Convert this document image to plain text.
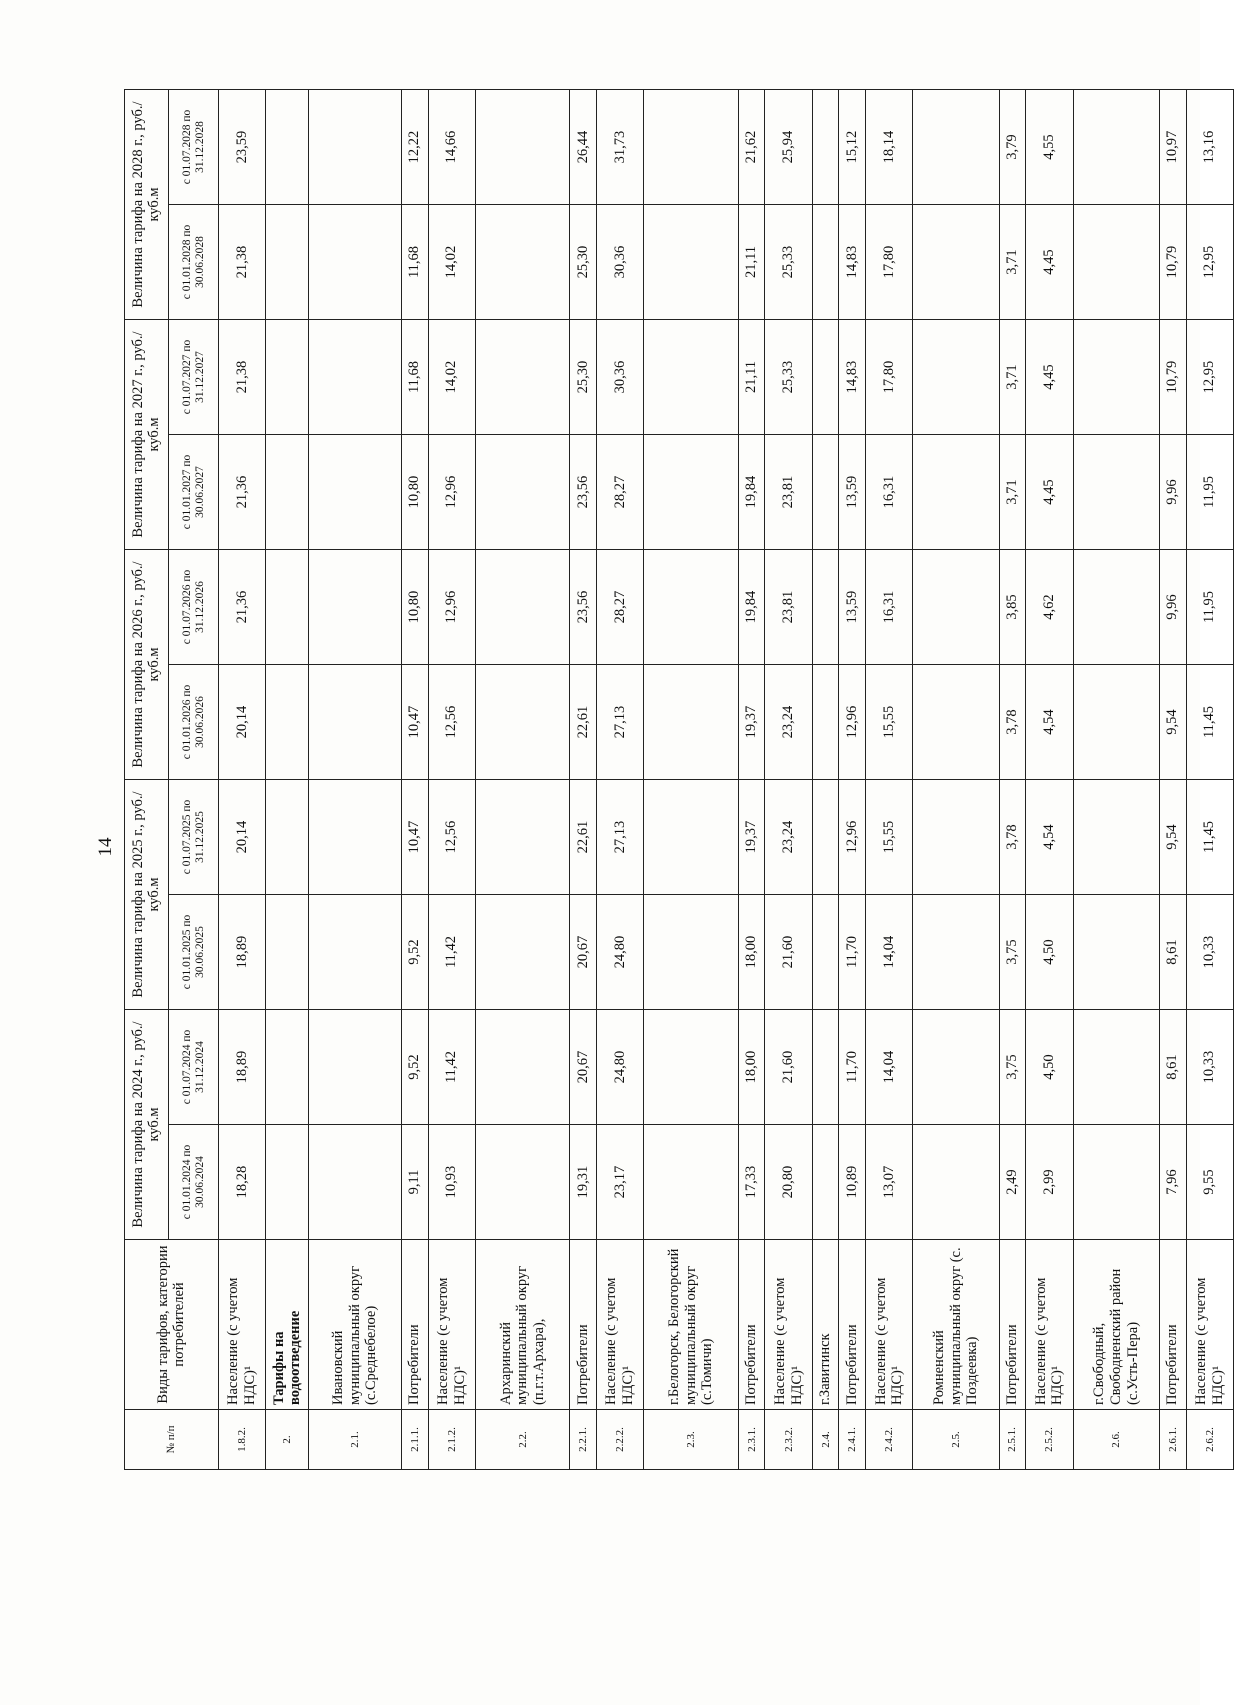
14
№ п/п	Виды тарифов, категории потребителей	Величина тарифа на 2024 г., руб./куб.м		Величина тарифа на 2025 г., руб./куб.м		Величина тарифа на 2026 г., руб./куб.м		Величина тарифа на 2027 г., руб./куб.м		Величина тарифа на 2028 г., руб./куб.м	
		с 01.01.2024 по 30.06.2024	с 01.07.2024 по 31.12.2024	с 01.01.2025 по 30.06.2025	с 01.07.2025 по 31.12.2025	с 01.01.2026 по 30.06.2026	с 01.07.2026 по 31.12.2026	с 01.01.2027 по 30.06.2027	с 01.07.2027 по 31.12.2027	с 01.01.2028 по 30.06.2028	с 01.07.2028 по 31.12.2028
1.8.2.	Население (с учетом НДС)¹	18,28	18,89	18,89	20,14	20,14	21,36	21,36	21,38	21,38	23,59
2.	Тарифы на водоотведение										
2.1.	Ивановский муниципальный округ (с.Среднебелое)										
2.1.1.	Потребители	9,11	9,52	9,52	10,47	10,47	10,80	10,80	11,68	11,68	12,22
2.1.2.	Население (с учетом НДС)¹	10,93	11,42	11,42	12,56	12,56	12,96	12,96	14,02	14,02	14,66
2.2.	Архаринский муниципальный округ (п.г.т.Архара),										
2.2.1.	Потребители	19,31	20,67	20,67	22,61	22,61	23,56	23,56	25,30	25,30	26,44
2.2.2.	Население (с учетом НДС)¹	23,17	24,80	24,80	27,13	27,13	28,27	28,27	30,36	30,36	31,73
2.3.	г.Белогорск, Белогорский муниципальный округ (с.Томичи)										
2.3.1.	Потребители	17,33	18,00	18,00	19,37	19,37	19,84	19,84	21,11	21,11	21,62
2.3.2.	Население (с учетом НДС)¹	20,80	21,60	21,60	23,24	23,24	23,81	23,81	25,33	25,33	25,94
2.4.	г.Завитинск										
2.4.1.	Потребители	10,89	11,70	11,70	12,96	12,96	13,59	13,59	14,83	14,83	15,12
2.4.2.	Население (с учетом НДС)¹	13,07	14,04	14,04	15,55	15,55	16,31	16,31	17,80	17,80	18,14
2.5.	Ромненский муниципальный округ (с. Поздеевка)										
2.5.1.	Потребители	2,49	3,75	3,75	3,78	3,78	3,85	3,71	3,71	3,71	3,79
2.5.2.	Население (с учетом НДС)¹	2,99	4,50	4,50	4,54	4,54	4,62	4,45	4,45	4,45	4,55
2.6.	г.Свободный, Свободненский район (с.Усть-Пера)										
2.6.1.	Потребители	7,96	8,61	8,61	9,54	9,54	9,96	9,96	10,79	10,79	10,97
2.6.2.	Население (с учетом НДС)¹	9,55	10,33	10,33	11,45	11,45	11,95	11,95	12,95	12,95	13,16
